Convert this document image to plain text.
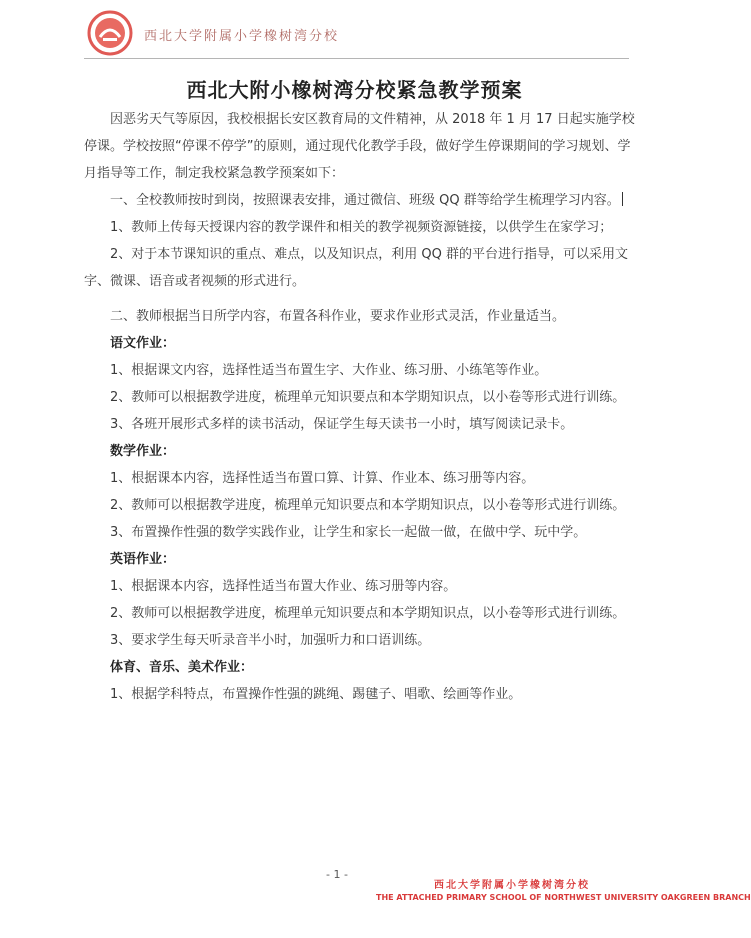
西北大学附属小学橡树湾分校
西北大附小橡树湾分校紧急教学预案

因恶劣天气等原因，我校根据长安区教育局的文件精神，从 2018 年 1 月 17 日起实施学校停课。学校按照“停课不停学”的原则，通过现代化教学手段，做好学生停课期间的学习规划、学月指导等工作，制定我校紧急教学预案如下：

一、全校教师按时到岗，按照课表安排，通过微信、班级 QQ 群等给学生梳理学习内容。

1、教师上传每天授课内容的教学课件和相关的教学视频资源链接，以供学生在家学习；

2、对于本节课知识的重点、难点，以及知识点，利用 QQ 群的平台进行指导，可以采用文字、微课、语音或者视频的形式进行。

二、教师根据当日所学内容，布置各科作业，要求作业形式灵活，作业量适当。

语文作业：

1、根据课文内容，选择性适当布置生字、大作业、练习册、小练笔等作业。

2、教师可以根据教学进度，梳理单元知识要点和本学期知识点，以小卷等形式进行训练。

3、各班开展形式多样的读书活动，保证学生每天读书一小时，填写阅读记录卡。

数学作业：

1、根据课本内容，选择性适当布置口算、计算、作业本、练习册等内容。

2、教师可以根据教学进度，梳理单元知识要点和本学期知识点，以小卷等形式进行训练。

3、布置操作性强的数学实践作业，让学生和家长一起做一做，在做中学、玩中学。

英语作业：

1、根据课本内容，选择性适当布置大作业、练习册等内容。

2、教师可以根据教学进度，梳理单元知识要点和本学期知识点，以小卷等形式进行训练。

3、要求学生每天听录音半小时，加强听力和口语训练。

体育、音乐、美术作业：

1、根据学科特点，布置操作性强的跳绳、踢毽子、唱歌、绘画等作业。

- 1 -
西北大学附属小学橡树湾分校
THE ATTACHED PRIMARY SCHOOL OF NORTHWEST UNIVERSITY OAKGREEN BRANCH
